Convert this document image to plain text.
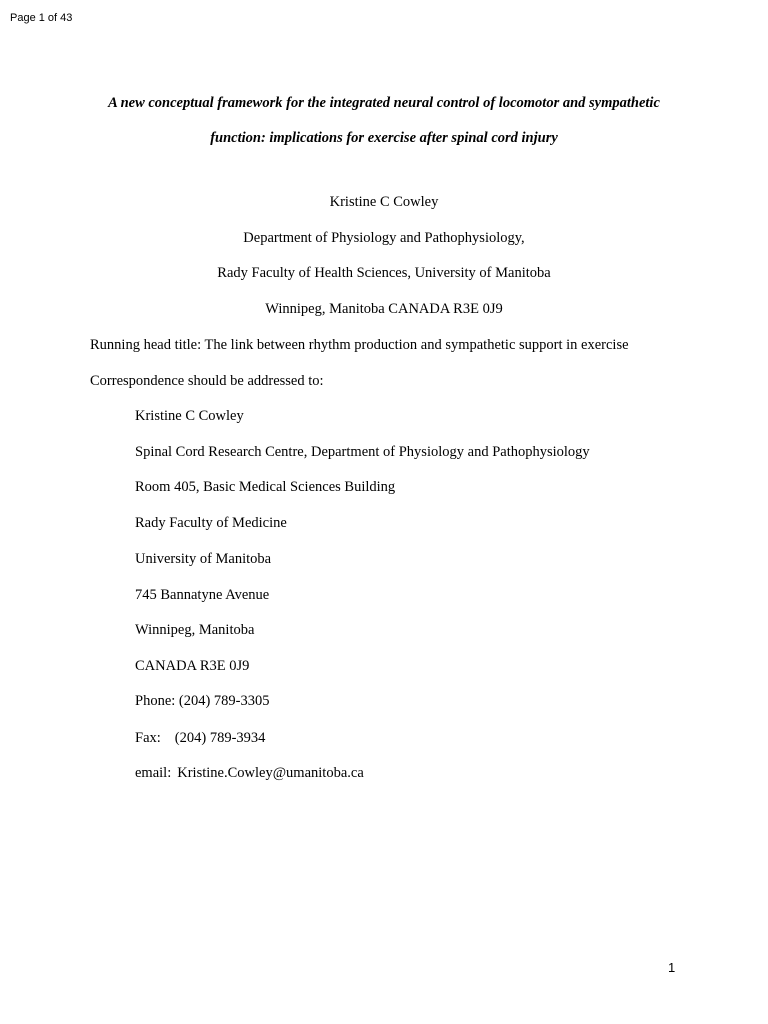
Page 1 of 43
A new conceptual framework for the integrated neural control of locomotor and sympathetic
function: implications for exercise after spinal cord injury
Kristine C Cowley
Department of Physiology and Pathophysiology,
Rady Faculty of Health Sciences, University of Manitoba
Winnipeg, Manitoba CANADA R3E 0J9
Running head title: The link between rhythm production and sympathetic support in exercise
Correspondence should be addressed to:
Kristine C Cowley
Spinal Cord Research Centre, Department of Physiology and Pathophysiology
Room 405, Basic Medical Sciences Building
Rady Faculty of Medicine
University of Manitoba
745 Bannatyne Avenue
Winnipeg, Manitoba
CANADA R3E 0J9
Phone: (204) 789-3305
Fax: (204) 789-3934
email: Kristine.Cowley@umanitoba.ca
1
